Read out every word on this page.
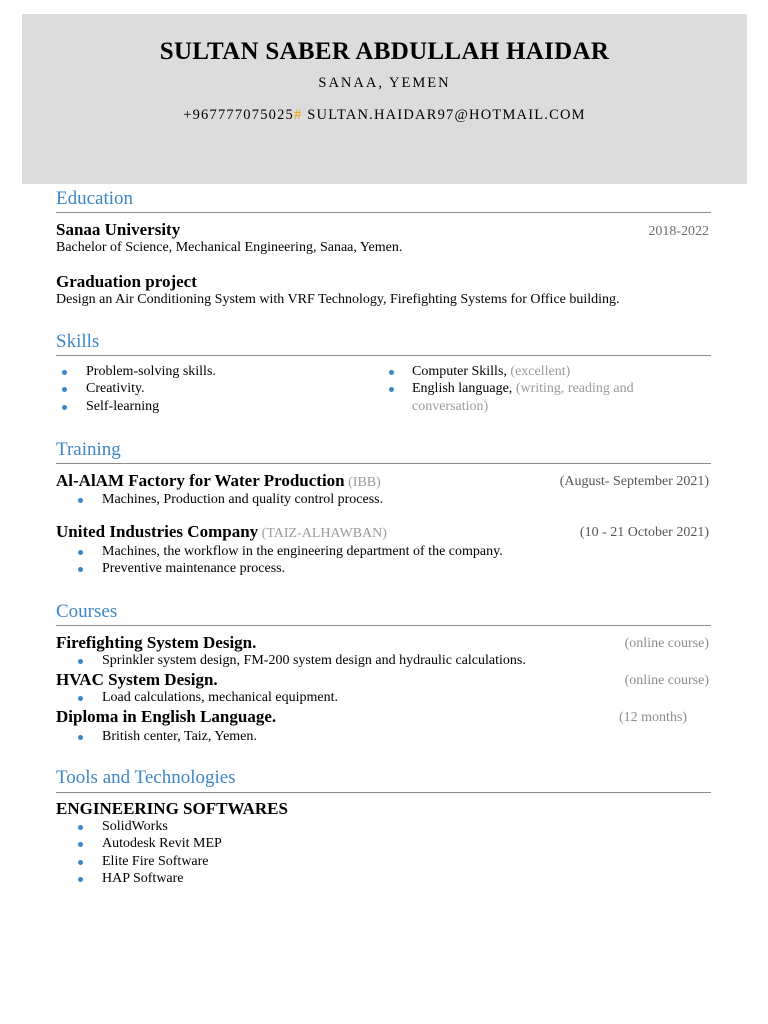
SULTAN SABER ABDULLAH HAIDAR
SANAA, YEMEN
+967777075025# SULTAN.HAIDAR97@HOTMAIL.COM
Education
Sanaa University	2018-2022
Bachelor of Science, Mechanical Engineering, Sanaa, Yemen.
Graduation project
Design an Air Conditioning System with VRF Technology, Firefighting Systems for Office building.
Skills
Problem-solving skills.
Creativity.
Self-learning
Computer Skills, (excellent)
English language, (writing, reading and
conversation)
Training
Al-AlAM Factory for Water Production (IBB)	(August- September 2021)
Machines, Production and quality control process.
United Industries Company (TAIZ-ALHAWBAN)	(10 - 21 October 2021)
Machines, the workflow in the engineering department of the company.
Preventive maintenance process.
Courses
Firefighting System Design.	(online course)
Sprinkler system design, FM-200 system design and hydraulic calculations.
HVAC System Design.	(online course)
Load calculations, mechanical equipment.
Diploma in English Language.	(12 months)
British center, Taiz, Yemen.
Tools and Technologies
ENGINEERING SOFTWARES
SolidWorks
Autodesk Revit MEP
Elite Fire Software
HAP Software
